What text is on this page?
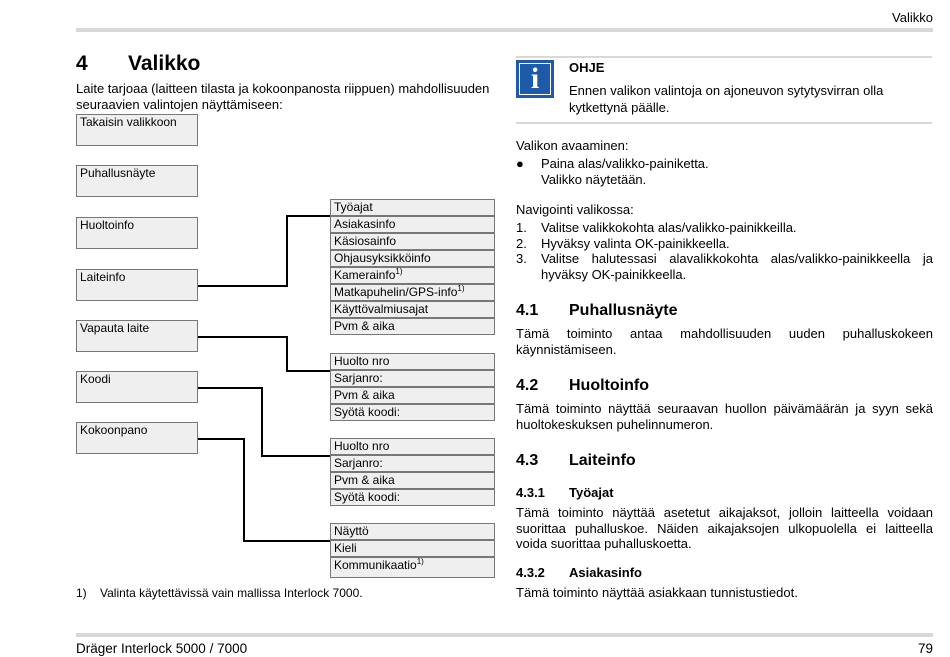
Valikko
Dräger Interlock 5000 / 7000	79
4 Valikko
Laite tarjoaa (laitteen tilasta ja kokoonpanosta riippuen) mahdollisuuden seuraavien valintojen näyttämiseen:
Takaisin valikkoon
Puhallusnäyte
Huoltoinfo
Laiteinfo
Vapauta laite
Koodi
Kokoonpano
Työajat
Asiakasinfo
Käsiosainfo
Ohjausyksikköinfo
Kamerainfo$^{1)}$
Matkapuhelin/GPS-info$^{1)}$
Käyttövalmiusajat
Pvm & aika
Huolto nro
Sarjanro:
Pvm & aika
Syötä koodi:
Huolto nro
Sarjanro:
Pvm & aika
Syötä koodi:
Näyttö
Kieli
Kommunikaatio$^{1)}$
1) Valinta käytettävissä vain mallissa Interlock 7000.
i	OHJE
Ennen valikon valintoja on ajoneuvon sytytysvirran olla kytkettynä päälle.
Valikon avaaminen:
● Paina alas/valikko-painiketta.
Valikko näytetään.
Navigointi valikossa:
1. Valitse valikkokohta alas/valikko-painikkeilla.
2. Hyväksy valinta OK-painikkeella.
3. Valitse halutessasi alavalikkokohta alas/valikko-painikkeella ja hyväksy OK-painikkeella.
4.1 Puhallusnäyte
Tämä toiminto antaa mahdollisuuden uuden puhalluskokeen käynnistämiseen.
4.2 Huoltoinfo
Tämä toiminto näyttää seuraavan huollon päivämäärän ja syyn sekä huoltokeskuksen puhelinnumeron.
4.3 Laiteinfo
4.3.1 Työajat
Tämä toiminto näyttää asetetut aikajaksot, jolloin laitteella voidaan suorittaa puhalluskoe. Näiden aikajaksojen ulkopuolella ei laitteella voida suorittaa puhalluskoetta.
4.3.2 Asiakasinfo
Tämä toiminto näyttää asiakkaan tunnistustiedot.
